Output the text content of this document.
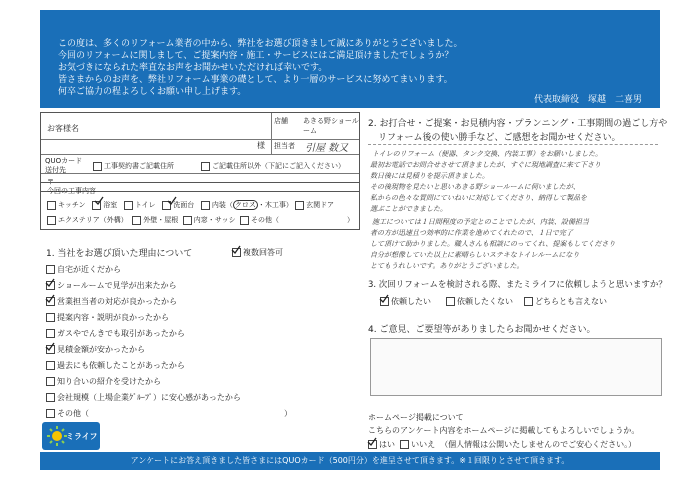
この度は、多くのリフォーム業者の中から、弊社をお選び頂きまして誠にありがとうございました。
今回のリフォームに関しまして、ご提案内容・施工・サービスにはご満足頂けましたでしょうか？
お気づきになられた率直なお声をお聞かせいただければ幸いです。
皆さまからのお声を、弊社リフォーム事業の礎として、より一層のサービスに努めてまいります。
何卒ご協力の程よろしくお願い申し上げます。
代表取締役　塚越　二喜男
お客様名
様
店舗 あきる野ショールーム
担当者 引屋 数又
QUOカード送付先	工事契約書ご記載住所	ご記載住所以外（下記にご記入ください）
〒
今回の工事内容
キッチン	浴室	トイレ	洗面台	内装（ クロス ・木工事） 玄関ドア
エクステリア（外構） 外壁・屋根 内窓・サッシ その他（	）
1. 当社をお選び頂いた理由について	複数回答可
自宅が近くだから
ショールームで見学が出来たから
営業担当者の対応が良かったから
提案内容・説明が良かったから
ガスやでんきでも取引があったから
見積金額が安かったから
過去にも依頼したことがあったから
知り合いの紹介を受けたから
会社規模（上場企業ｸﾞﾙｰﾌﾟ）に安心感があったから
その他（	）
ミライフ
2. お打合せ・ご提案・お見積内容・プランニング・工事期間の過ごし方や
リフォーム後の使い勝手など、ご感想をお聞かせください。
トイレのリフォーム（便器、タンク交換、内装工事）をお願いしました。
最初お電話でお問合せさせて頂きましたが、すぐに現地調査に来て下さり
数日後には見積りを提示頂きました。
その後現物を見たいと思いあきる野ショールームに伺いましたが、
私からの色々な質問にていねいに対応してくださり、納得して製品を
選ぶことができました。
施工については１日間程度の予定とのことでしたが、内装、設備担当
者の方が迅速且つ効率的に作業を進めてくれたので、１日で完了
して頂けて助かりました。職人さんも相談にのってくれ、提案もしてくださり
自分が想像していた以上に素晴らしいステキなトイレルームになり
とてもうれしいです。ありがとうございました。
3. 次回リフォームを検討される際、またミライフに依頼しようと思いますか？
依頼したい	依頼したくない	どちらとも言えない
4. ご意見、ご要望等がありましたらお聞かせください。
ホームページ掲載について
こちらのアンケート内容をホームページに掲載してもよろしいでしょうか。
はい いいえ （個人情報は公開いたしませんのでご安心ください。）
アンケートにお答え頂きました皆さまにはQUOカード（500円分）を進呈させて頂きます。※１回限りとさせて頂きます。
